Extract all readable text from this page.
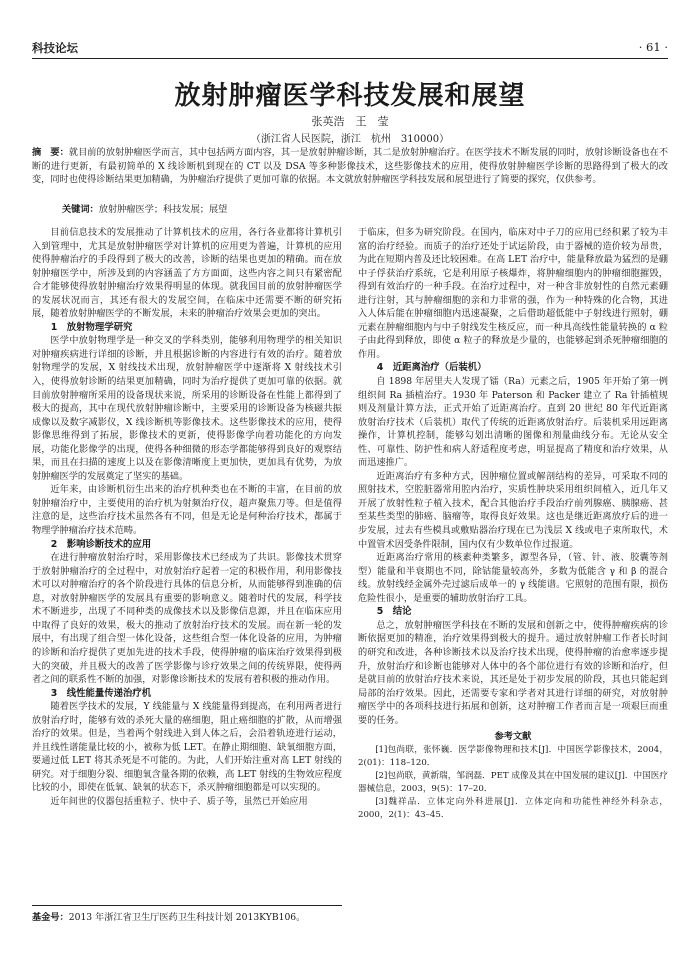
科技论坛	· 61 ·
放射肿瘤医学科技发展和展望
张英浩　王　莹
（浙江省人民医院，浙江　杭州　310000）
摘　要：就目前的放射肿瘤医学而言，其中包括两方面内容，其一是放射肿瘤诊断，其二是放射肿瘤治疗。在医学技术不断发展的同时，放射诊断设备也在不断的进行更新，有最初简单的 X 线诊断机到现在的 CT 以及 DSA 等多种影像技术，这些影像技术的应用，使得放射肿瘤医学诊断的思路得到了极大的改变，同时也使得诊断结果更加精确，为肿瘤治疗提供了更加可靠的依据。本文就放射肿瘤医学科技发展和展望进行了简要的探究，仅供参考。
关键词：放射肿瘤医学；科技发展；展望

目前信息技术的发展推动了计算机技术的应用，各行各业都将计算机引入到管理中，尤其是放射肿瘤医学对计算机的应用更为普遍，计算机的应用使得肿瘤治疗的手段得到了极大的改善，诊断的结果也更加的精确。而在放射肿瘤医学中，所涉及到的内容涵盖了方方面面，这些内容之间只有紧密配合才能够使得放射肿瘤治疗效果得明显的体现。就我国目前的放射肿瘤医学的发展状况而言，其还有很大的发展空间，在临床中还需要不断的研究拓展，随着放射肿瘤医学的不断发展，未来的肿瘤治疗效果会更加的突出。

1　放射物理学研究

医学中放射物理学是一种交叉的学科类别，能够利用物理学的相关知识对肿瘤疾病进行详细的诊断，并且根据诊断的内容进行有效的治疗。随着放射物理学的发展，X 射线技术出现，放射肿瘤医学中逐渐将 X 射线技术引入，使得放射诊断的结果更加精确，同时为治疗提供了更加可靠的依据。就目前放射肿瘤所采用的设备现状来说，所采用的诊断设备在性能上都得到了极大的提高，其中在现代放射肿瘤诊断中，主要采用的诊断设备为核磁共振成像以及数字减影仪，X 线诊断机等影像技术。这些影像技术的应用，使得影像思维得到了拓展，影像技术的更新，使得影像学向着功能化的方向发展，功能化影像学的出现，使得各种细微的形态学都能够得到良好的观察结果，而且在扫描的速度上以及在影像清晰度上更加快，更加具有优势，为放射肿瘤医学的发展奠定了坚实的基础。

近年来，由诊断机衍生出来的治疗机种类也在不断的丰富，在目前的放射肿瘤治疗中，主要使用的治疗机为射频治疗仪，超声聚焦刀等。但是值得注意的是，这些治疗技术虽然各有不同，但是无论是何种治疗技术，都属于物理学肿瘤治疗技术范畴。

2　影响诊断技术的应用

在进行肿瘤放射治疗时，采用影像技术已经成为了共识。影像技术贯穿于放射肿瘤治疗的全过程中，对放射治疗起着一定的积极作用，利用影像技术可以对肿瘤治疗的各个阶段进行具体的信息分析，从而能够得到准确的信息，对放射肿瘤医学的发展具有重要的影响意义。随着时代的发展，科学技术不断进步，出现了不同种类的成像技术以及影像信息源，并且在临床应用中取得了良好的效果，极大的推动了放射治疗技术的发展。而在新一轮的发展中，有出现了组合型一体化设备，这些组合型一体化设备的应用，为肿瘤的诊断和治疗提供了更加先进的技术手段，使得肿瘤的临床治疗效果得到极大的突破，并且极大的改善了医学影像与诊疗效果之间的传统界限，使得两者之间的联系性不断的加强，对影像诊断技术的发展有着积极的推动作用。

3　线性能量传递治疗机

随着医学技术的发展，Y 线能量与 X 线能量得到提高，在利用两者进行放射治疗时，能够有效的杀死大量的癌细胞，阻止癌细胞的扩散，从而增强治疗的效果。但是，当着两个射线进入到人体之后，会沿着轨迹进行运动，并且线性谱能量比较的小，被称为低 LET。在静止期细胞、缺氧细胞方面，要通过低 LET 将其杀死是不可能的。为此，人们开始注重对高 LET 射线的研究。对于细胞分裂、细胞氧含量各期的依赖，高 LET 射线的生物效应程度比较的小，即使在低氧、缺氧的状态下，杀灭肿瘤细胞都是可以实现的。

近年间世的仪器包括重粒子、快中子、质子等，虽然已开始应用

于临床，但多为研究阶段。在国内，临床对中子刀的应用已经积累了较为丰富的治疗经验。而质子的治疗还处于试运阶段，由于器械的造价较为昂贵，为此在短期内普及还比较困难。在高 LET 治疗中，能量释放最为猛烈的是硼中子俘获治疗系统，它是利用原子核爆炸，将肿瘤细胞内的肿瘤细胞摧毁，得到有效治疗的一种手段。在治疗过程中，对一种含非放射性的自然元素硼进行注射，其与肿瘤细胞的亲和力非常的强，作为一种特殊的化合物，其进入人体后能在肿瘤细胞内迅速凝聚，之后借助超低能中子射线进行照射，硼元素在肿瘤细胞内与中子射线发生核反应，而一种具高线性能量转换的 α 粒子由此得到释放，即使 α 粒子的释放是少量的，也能够起到杀死肿瘤细胞的作用。

4　近距离治疗（后装机）

自 1898 年居里夫人发现了镭（Ra）元素之后，1905 年开始了第一例组织间 Ra 插植治疗。1930 年 Paterson 和 Packer 建立了 Ra 针插植规则及剂量计算方法，正式开始了近距离治疗。直到 20 世纪 80 年代近距离放射治疗技术（后装机）取代了传统的近距离放射治疗。后装机采用远距离操作，计算机控制，能够勾划出清晰的图像和剂量曲线分布。无论从安全性、可靠性、防护性和病人舒适程度考虑，明显提高了精度和治疗效果，从而迅速推广。

近距离治疗有多种方式，因肿瘤位置或解剖结构的差异，可采取不同的照射技术，空腔脏器常用腔内治疗，实质性肿块采用组织间植入，近几年又开展了放射性粒子植入技术，配合其他治疗手段治疗前列腺癌、胰腺癌、甚至某些类型的肺癌、脑瘤等，取得良好效果。这也是继近距离放疗后的进一步发展，过去有些模具或敷贴器治疗现在已为浅层 X 线或电子束所取代，术中置管术因受条件限制，国内仅有少数单位作过报道。

近距离治疗常用的核素种类繁多，源型各异，（管、针、液、胶囊等剂型）能量和半衰期也不同，除钴能量较高外，多数为低能含 γ 和 β 的混合线。放射线经金属外壳过滤后成单一的 γ 线能谱。它照射的范围有限，损伤危险性很小，是重要的辅助放射治疗工具。

5　结论

总之，放射肿瘤医学科技在不断的发展和创新之中，使得肿瘤疾病的诊断依据更加的精准，治疗效果得到极大的提升。通过放射肿瘤工作者长时间的研究和改进，各种诊断技术以及治疗技术出现，使得肿瘤的治愈率逐步提升，放射治疗和诊断也能够对人体中的各个部位进行有效的诊断和治疗，但是就目前的放射治疗技术来说，其还是处于初步发展的阶段，其也只能起到局部的治疗效果。因此，还需要专家和学者对其进行详细的研究，对放射肿瘤医学中的各项科技进行拓展和创新，这对肿瘤工作者而言是一项艰巨而重要的任务。

参考文献

[1]包尚联，张怀巍．医学影像物理和技术[J]．中国医学影像技术，2004，2(01)：118–120．

[2]包尚联，黄新瑞，邹润磊．PET 成像及其在中国发展的建议[J]．中国医疗器械信息，2003，9(5)：17–20．

[3]魏祥品．立体定向外科进展[J]．立体定向和功能性神经外科杂志，2000，2(1)：43–45．

基金号：2013 年浙江省卫生厅医药卫生科技计划 2013KYB106。
